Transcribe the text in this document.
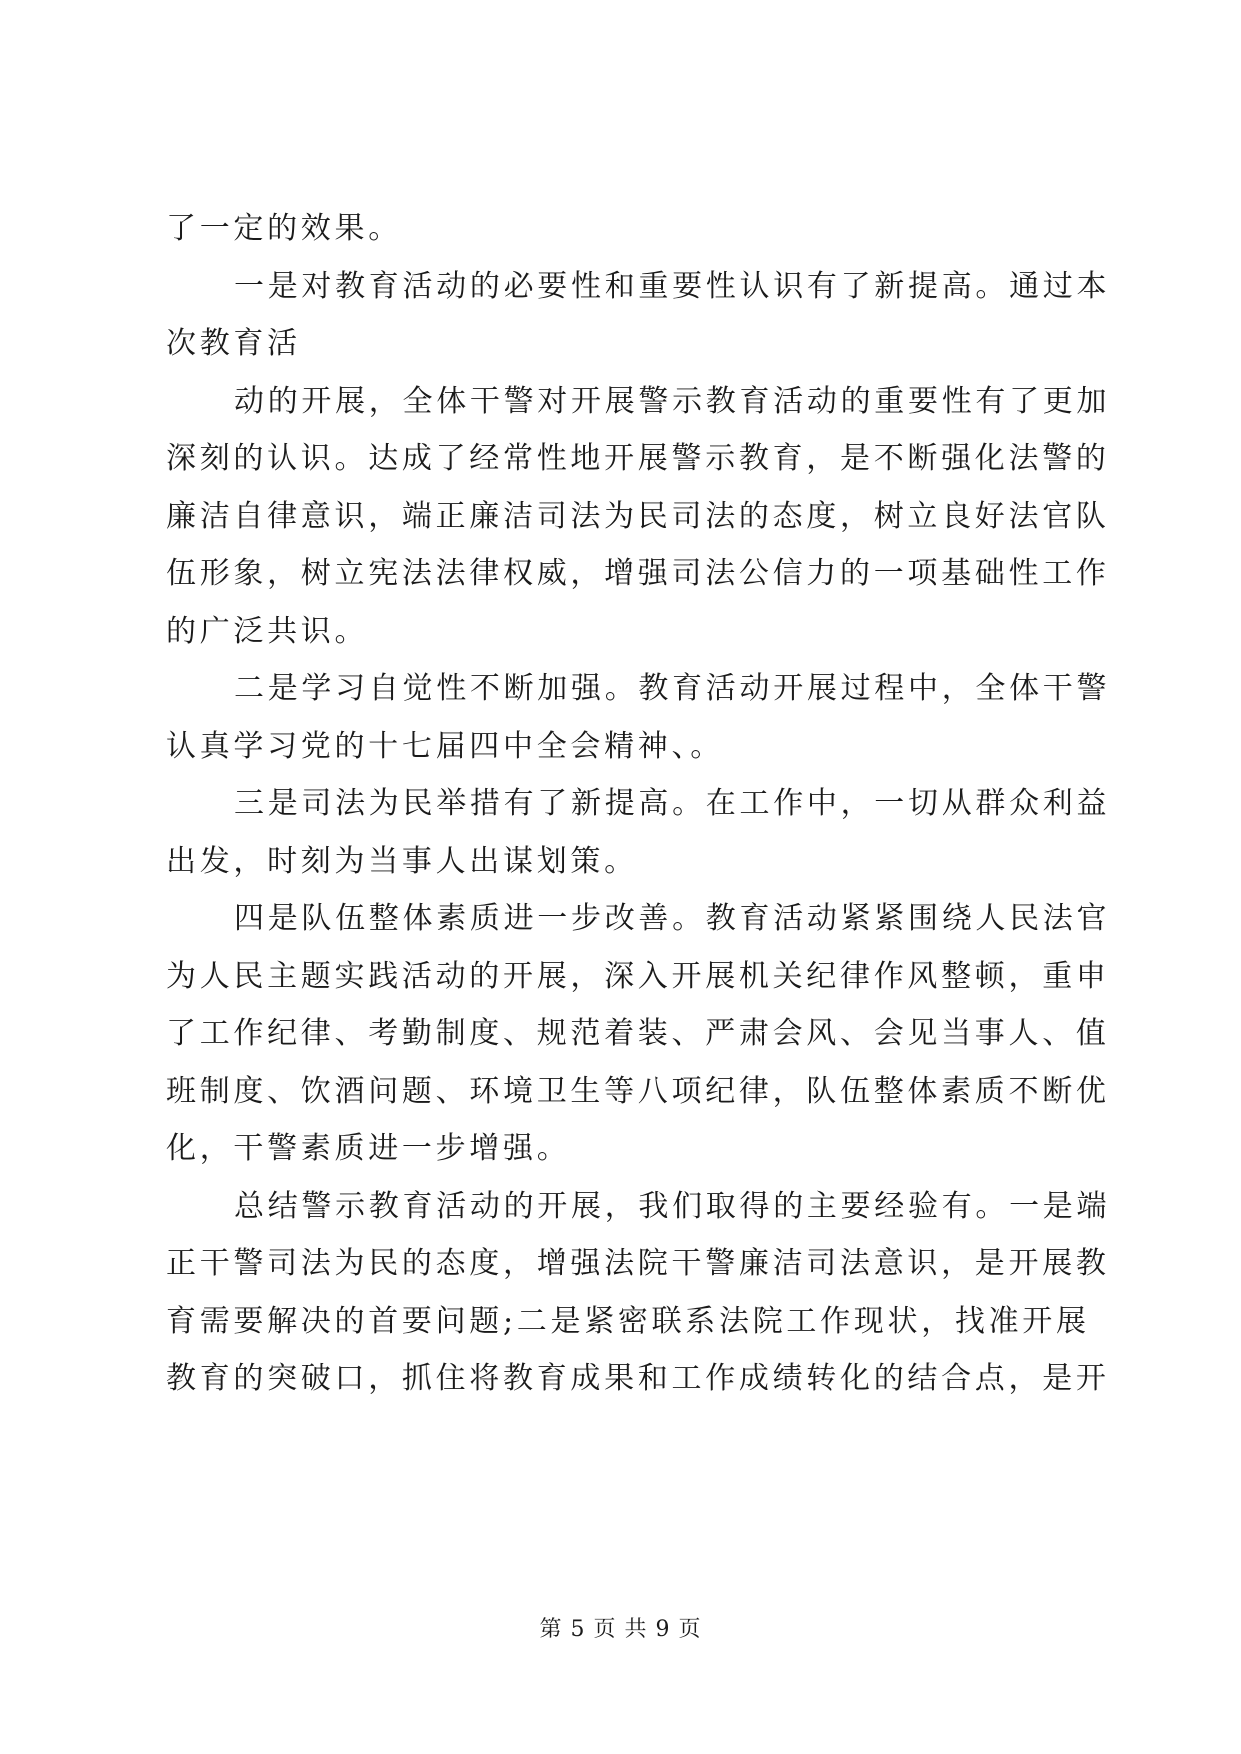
了一定的效果。
一是对教育活动的必要性和重要性认识有了新提高。通过本
次教育活
动的开展，全体干警对开展警示教育活动的重要性有了更加
深刻的认识。达成了经常性地开展警示教育，是不断强化法警的
廉洁自律意识，端正廉洁司法为民司法的态度，树立良好法官队
伍形象，树立宪法法律权威，增强司法公信力的一项基础性工作
的广泛共识。
二是学习自觉性不断加强。教育活动开展过程中，全体干警
认真学习党的十七届四中全会精神、。
三是司法为民举措有了新提高。在工作中，一切从群众利益
出发，时刻为当事人出谋划策。
四是队伍整体素质进一步改善。教育活动紧紧围绕人民法官
为人民主题实践活动的开展，深入开展机关纪律作风整顿，重申
了工作纪律、考勤制度、规范着装、严肃会风、会见当事人、值
班制度、饮酒问题、环境卫生等八项纪律，队伍整体素质不断优
化，干警素质进一步增强。
总结警示教育活动的开展，我们取得的主要经验有。一是端
正干警司法为民的态度，增强法院干警廉洁司法意识，是开展教
育需要解决的首要问题;二是紧密联系法院工作现状，找准开展
教育的突破口，抓住将教育成果和工作成绩转化的结合点，是开
第 5 页 共 9 页
